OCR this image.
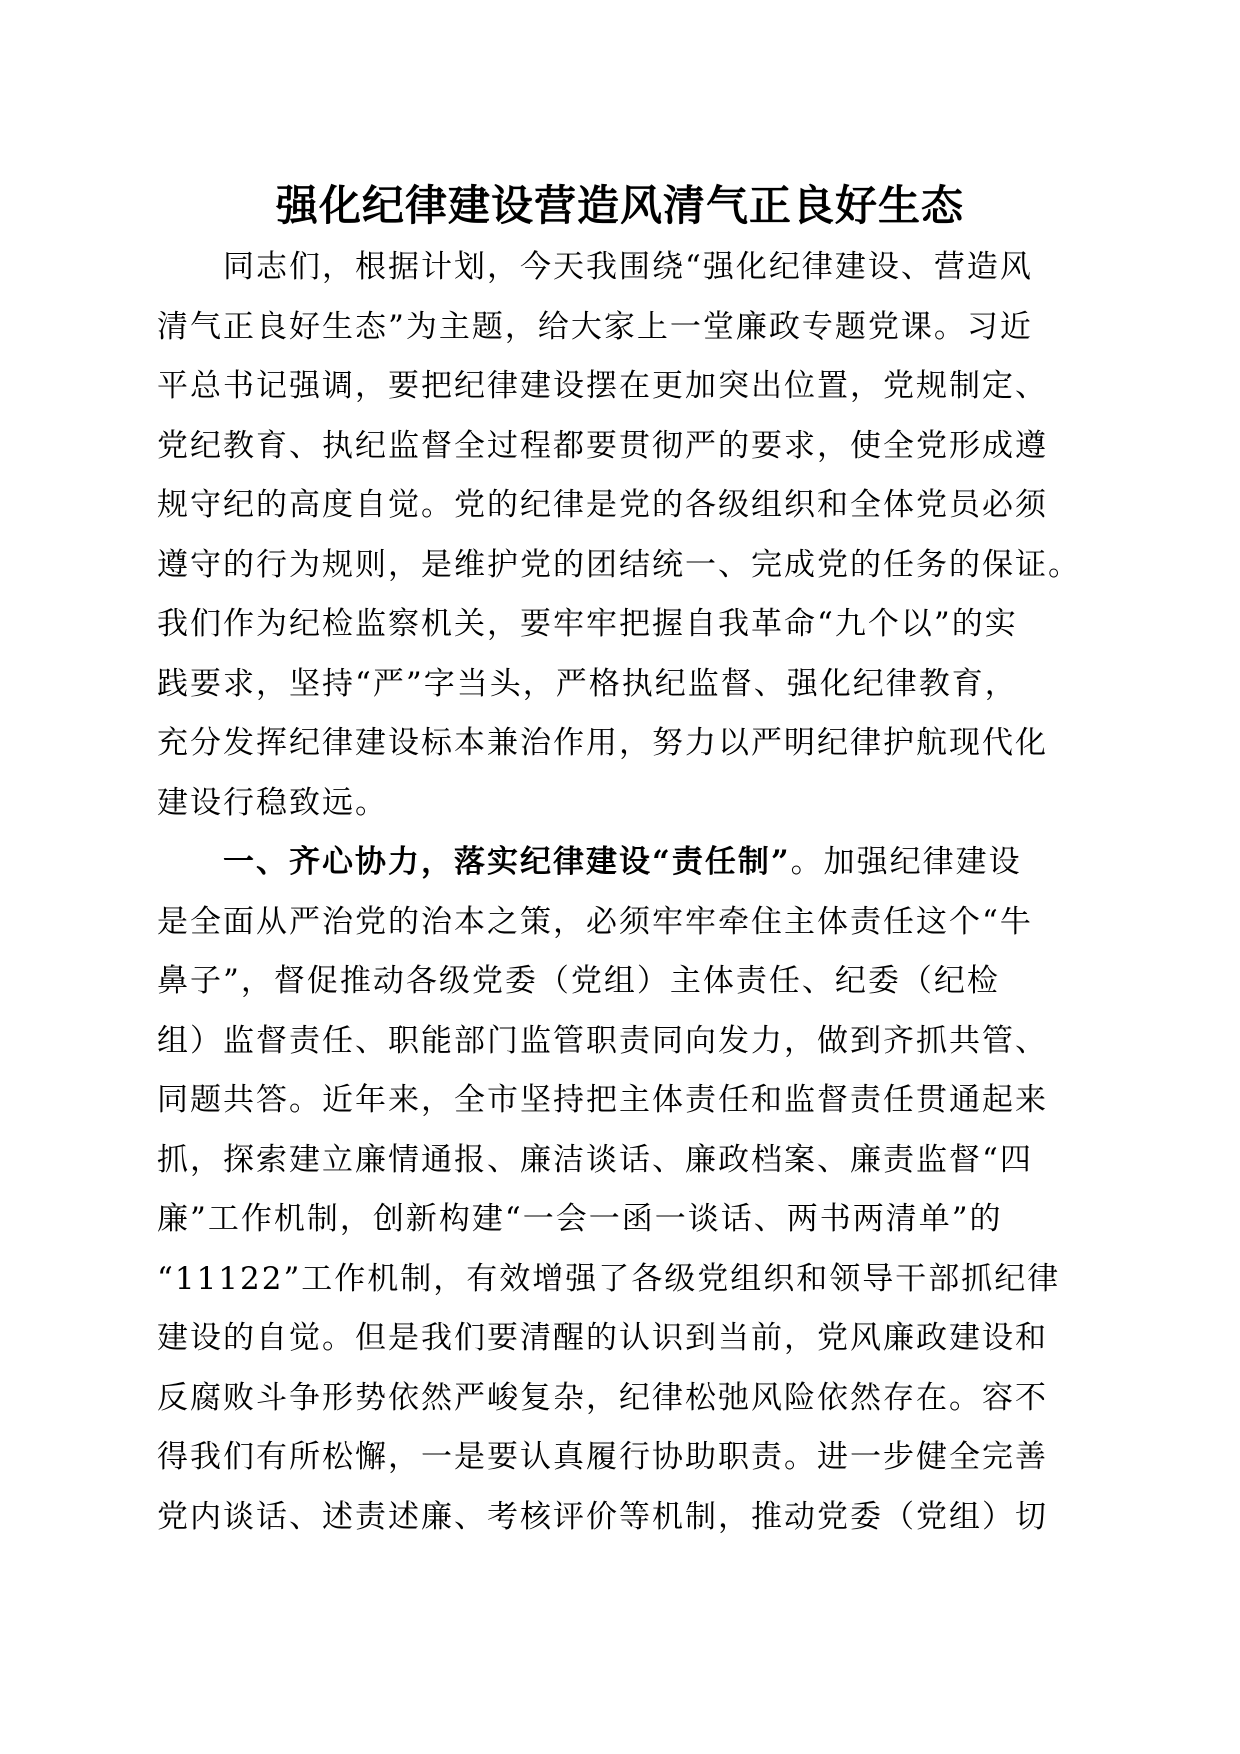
强化纪律建设营造风清气正良好生态
　　同志们，根据计划，今天我围绕“强化纪律建设、营造风
清气正良好生态”为主题，给大家上一堂廉政专题党课。习近
平总书记强调，要把纪律建设摆在更加突出位置，党规制定、
党纪教育、执纪监督全过程都要贯彻严的要求，使全党形成遵
规守纪的高度自觉。党的纪律是党的各级组织和全体党员必须
遵守的行为规则，是维护党的团结统一、完成党的任务的保证。
我们作为纪检监察机关，要牢牢把握自我革命“九个以”的实
践要求，坚持“严”字当头，严格执纪监督、强化纪律教育，
充分发挥纪律建设标本兼治作用，努力以严明纪律护航现代化
建设行稳致远。
　　一、齐心协力，落实纪律建设“责任制”。加强纪律建设
是全面从严治党的治本之策，必须牢牢牵住主体责任这个“牛
鼻子”，督促推动各级党委（党组）主体责任、纪委（纪检
组）监督责任、职能部门监管职责同向发力，做到齐抓共管、
同题共答。近年来，全市坚持把主体责任和监督责任贯通起来
抓，探索建立廉情通报、廉洁谈话、廉政档案、廉责监督“四
廉”工作机制，创新构建“一会一函一谈话、两书两清单”的
“11122”工作机制，有效增强了各级党组织和领导干部抓纪律
建设的自觉。但是我们要清醒的认识到当前，党风廉政建设和
反腐败斗争形势依然严峻复杂，纪律松弛风险依然存在。容不
得我们有所松懈，一是要认真履行协助职责。进一步健全完善
党内谈话、述责述廉、考核评价等机制，推动党委（党组）切
